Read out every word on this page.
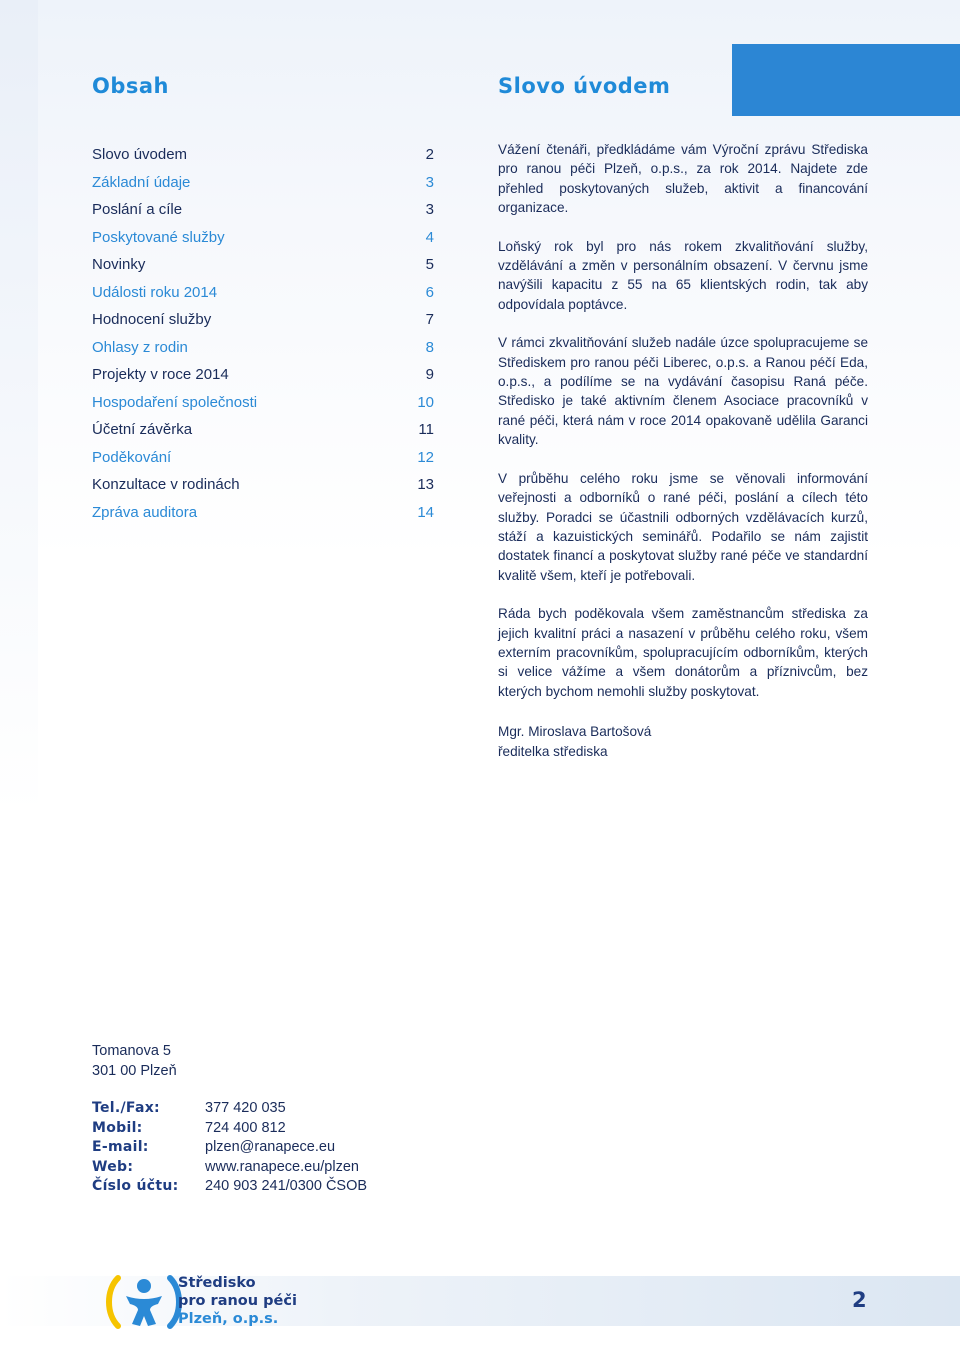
Obsah	Slovo úvodem
Slovo úvodem	2
Základní údaje	3
Poslání a cíle	3
Poskytované služby	4
Novinky	5
Události roku 2014	6
Hodnocení služby	7
Ohlasy z rodin	8
Projekty v roce 2014	9
Hospodaření společnosti	10
Účetní závěrka	11
Poděkování	12
Konzultace v rodinách	13
Zpráva auditora	14

Vážení čtenáři, předkládáme vám Výroční zprávu Střediska pro ranou péči Plzeň, o.p.s., za rok 2014. Najdete zde přehled poskytovaných služeb, aktivit a financování organizace.

Loňský rok byl pro nás rokem zkvalitňování služby, vzdělávání a změn v personálním obsazení. V červnu jsme navýšili kapacitu z 55 na 65 klientských rodin, tak aby odpovídala poptávce.

V rámci zkvalitňování služeb nadále úzce spolupracujeme se Střediskem pro ranou péči Liberec, o.p.s. a Ranou péčí Eda, o.p.s., a podílíme se na vydávání časopisu Raná péče. Středisko je také aktivním členem Asociace pracovníků v rané péči, která nám v roce 2014 opakovaně udělila Garanci kvality.

V průběhu celého roku jsme se věnovali informování veřejnosti a odborníků o rané péči, poslání a cílech této služby. Poradci se účastnili odborných vzdělávacích kurzů, stáží a kazuistických seminářů. Podařilo se nám zajistit dostatek financí a poskytovat služby rané péče ve standardní kvalitě všem, kteří je potřebovali.

Ráda bych poděkovala všem zaměstnancům střediska za jejich kvalitní práci a nasazení v průběhu celého roku, všem externím pracovníkům, spolupracujícím odborníkům, kterých si velice vážíme a všem donátorům a příznivcům, bez kterých bychom nemohli služby poskytovat.

Mgr. Miroslava Bartošová
ředitelka střediska
Tomanova 5
301 00 Plzeň
Tel./Fax:	377 420 035
Mobil:	724 400 812
E-mail:	plzen@ranapece.eu
Web:	www.ranapece.eu/plzen
Číslo účtu:	240 903 241/0300 ČSOB
Středisko
pro ranou péči
Plzeň, o.p.s.
2
